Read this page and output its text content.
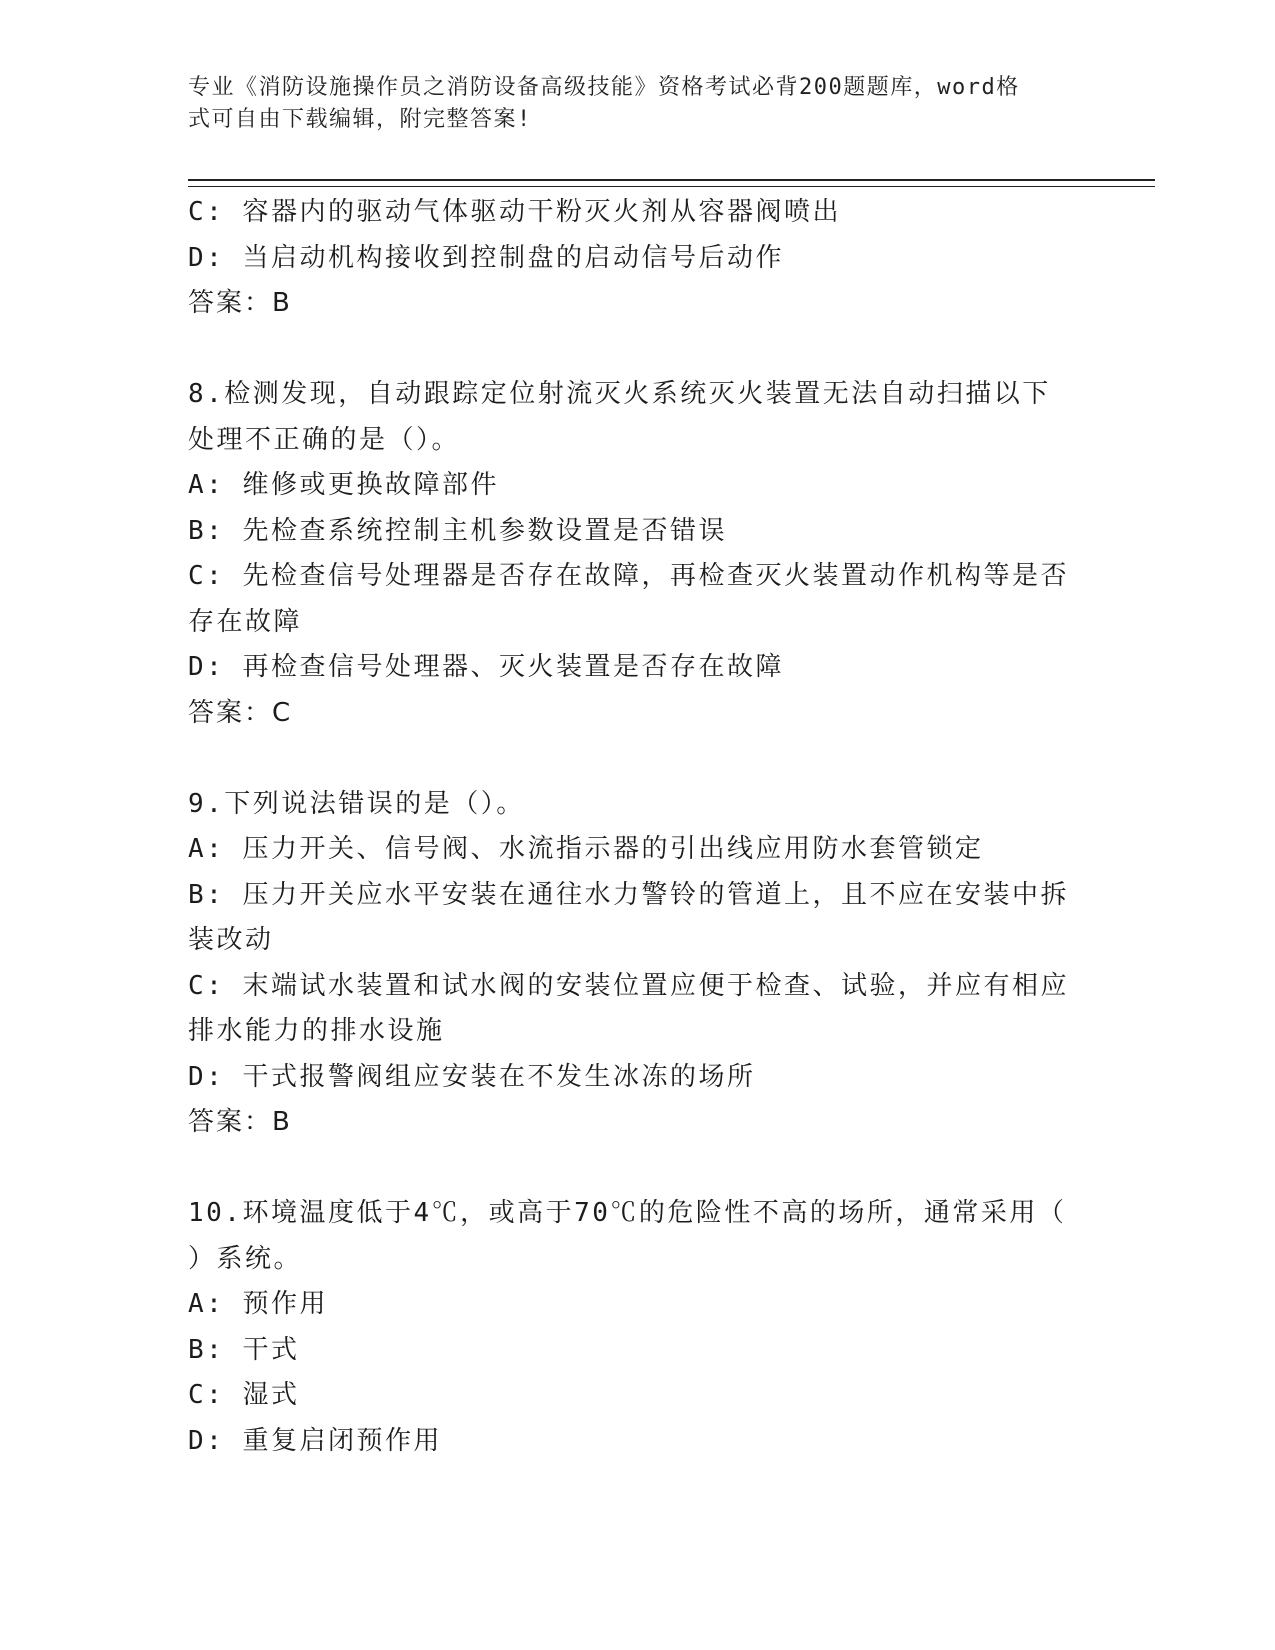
专业《消防设施操作员之消防设备高级技能》资格考试必背200题题库，word格
式可自由下载编辑，附完整答案!
C: 容器内的驱动气体驱动干粉灭火剂从容器阀喷出
D: 当启动机构接收到控制盘的启动信号后动作
答案：B
8.检测发现，自动跟踪定位射流灭火系统灭火装置无法自动扫描以下
处理不正确的是（）。
A: 维修或更换故障部件
B: 先检查系统控制主机参数设置是否错误
C: 先检查信号处理器是否存在故障，再检查灭火装置动作机构等是否
存在故障
D: 再检查信号处理器、灭火装置是否存在故障
答案：C
9.下列说法错误的是（）。
A: 压力开关、信号阀、水流指示器的引出线应用防水套管锁定
B: 压力开关应水平安装在通往水力警铃的管道上，且不应在安装中拆
装改动
C: 末端试水装置和试水阀的安装位置应便于检查、试验，并应有相应
排水能力的排水设施
D: 干式报警阀组应安装在不发生冰冻的场所
答案：B
10.环境温度低于4℃，或高于70℃的危险性不高的场所，通常采用（
）系统。
A: 预作用
B: 干式
C: 湿式
D: 重复启闭预作用
